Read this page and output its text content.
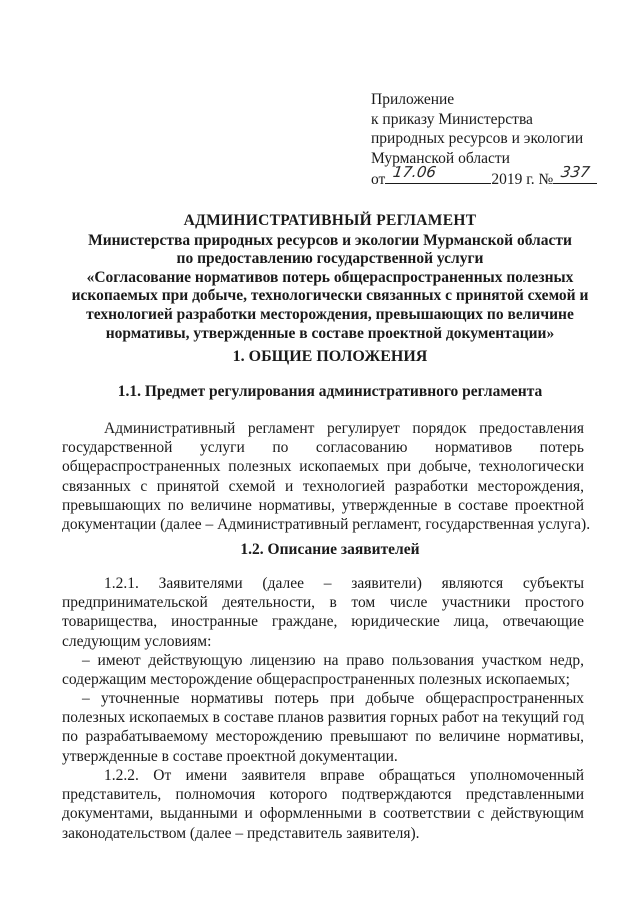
Приложение
к приказу Министерства
природных ресурсов и экологии
Мурманской области
от 17.06	2019 г. № 337
АДМИНИСТРАТИВНЫЙ РЕГЛАМЕНТ
Министерства природных ресурсов и экологии Мурманской области
по предоставлению государственной услуги
«Согласование нормативов потерь общераспространенных полезных
ископаемых при добыче, технологически связанных с принятой схемой и
технологией разработки месторождения, превышающих по величине
нормативы, утвержденные в составе проектной документации»
1. ОБЩИЕ ПОЛОЖЕНИЯ
1.1. Предмет регулирования административного регламента
Административный регламент регулирует порядок предоставления
государственной услуги по согласованию нормативов потерь
общераспространенных полезных ископаемых при добыче, технологически
связанных с принятой схемой и технологией разработки месторождения,
превышающих по величине нормативы, утвержденные в составе проектной
документации (далее – Административный регламент, государственная услуга).
1.2. Описание заявителей
1.2.1. Заявителями (далее – заявители) являются субъекты
предпринимательской деятельности, в том числе участники простого
товарищества, иностранные граждане, юридические лица, отвечающие
следующим условиям:
– имеют действующую лицензию на право пользования участком недр,
содержащим месторождение общераспространенных полезных ископаемых;
– уточненные нормативы потерь при добыче общераспространенных
полезных ископаемых в составе планов развития горных работ на текущий год
по разрабатываемому месторождению превышают по величине нормативы,
утвержденные в составе проектной документации.
1.2.2. От имени заявителя вправе обращаться уполномоченный
представитель, полномочия которого подтверждаются представленными
документами, выданными и оформленными в соответствии с действующим
законодательством (далее – представитель заявителя).
